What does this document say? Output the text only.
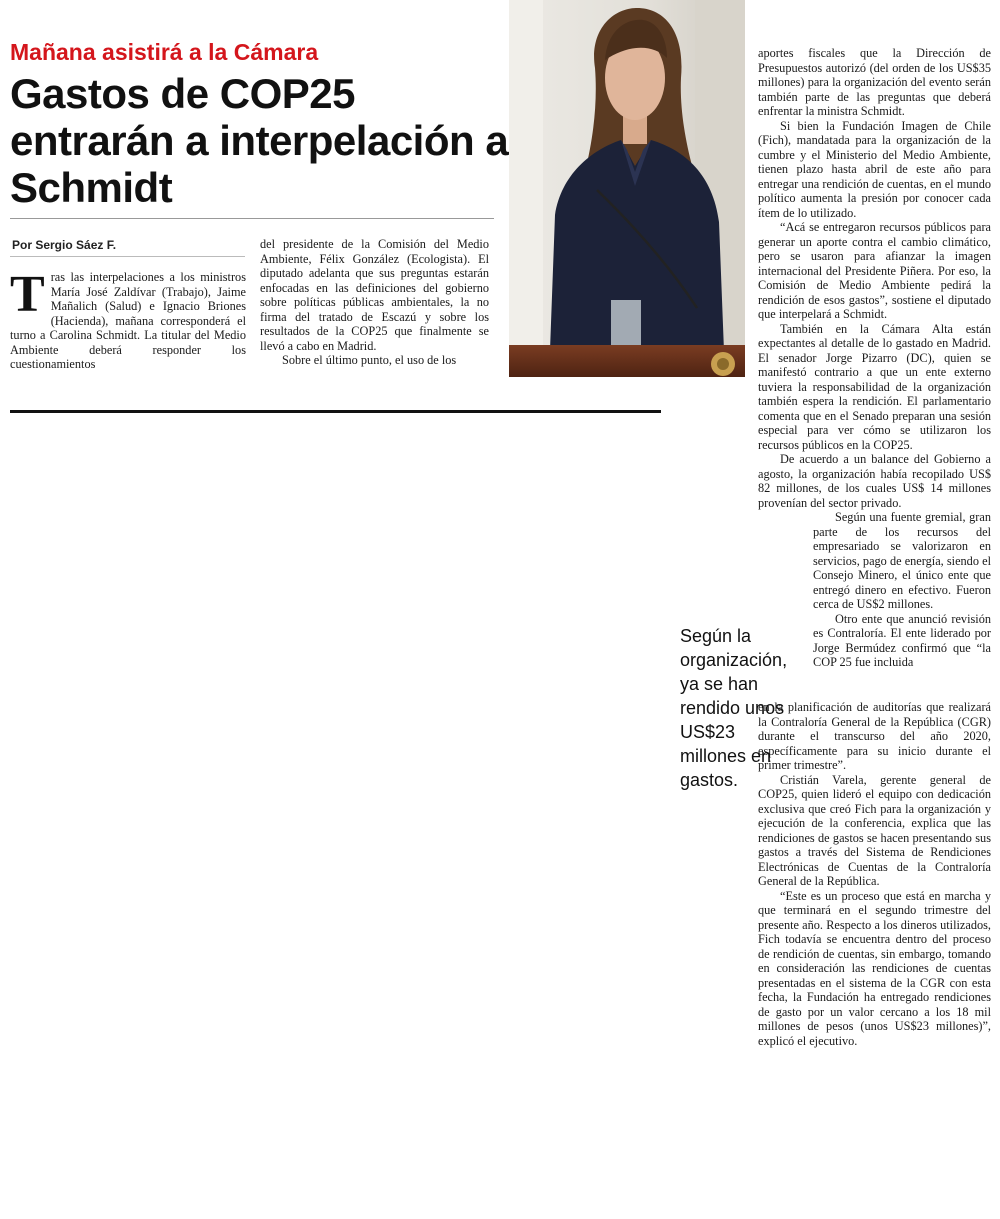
Mañana asistirá a la Cámara
Gastos de COP25 entrarán a interpelación a Schmidt
Por Sergio Sáez F.

Tras las interpelaciones a los ministros María José Zaldívar (Trabajo), Jaime Mañalich (Salud) e Ignacio Briones (Hacienda), mañana corresponderá el turno a Carolina Schmidt. La titular del Medio Ambiente deberá responder los cuestionamientos

del presidente de la Comisión del Medio Ambiente, Félix González (Ecologista). El diputado adelanta que sus preguntas estarán enfocadas en las definiciones del gobierno sobre políticas públicas ambientales, la no firma del tratado de Escazú y sobre los resultados de la COP25 que finalmente se llevó a cabo en Madrid.

Sobre el último punto, el uso de los

aportes fiscales que la Dirección de Presupuestos autorizó (del orden de los US$35 millones) para la organización del evento serán también parte de las preguntas que deberá enfrentar la ministra Schmidt.

Si bien la Fundación Imagen de Chile (Fich), mandatada para la organización de la cumbre y el Ministerio del Medio Ambiente, tienen plazo hasta abril de este año para entregar una rendición de cuentas, en el mundo político aumenta la presión por conocer cada ítem de lo utilizado.

“Acá se entregaron recursos públicos para generar un aporte contra el cambio climático, pero se usaron para afianzar la imagen internacional del Presidente Piñera. Por eso, la Comisión de Medio Ambiente pedirá la rendición de esos gastos”, sostiene el diputado que interpelará a Schmidt.

También en la Cámara Alta están expectantes al detalle de lo gastado en Madrid. El senador Jorge Pizarro (DC), quien se manifestó contrario a que un ente externo tuviera la responsabilidad de la organización también espera la rendición. El parlamentario comenta que en el Senado preparan una sesión especial para ver cómo se utilizaron los recursos públicos en la COP25.

De acuerdo a un balance del Gobierno a agosto, la organización había recopilado US$ 82 millones, de los cuales US$ 14 millones provenían del sector privado.

Según una fuente gremial, gran parte de los recursos del empresariado se valorizaron en servicios, pago de energía, siendo el Consejo Minero, el único ente que entregó dinero en efectivo. Fueron cerca de US$2 millones.

Otro ente que anunció revisión es Contraloría. El ente liderado por Jorge Bermúdez confirmó que “la COP 25 fue incluida

en la planificación de auditorías que realizará la Contraloría General de la República (CGR) durante el transcurso del año 2020, específicamente para su inicio durante el primer trimestre”.

Cristián Varela, gerente general de COP25, quien lideró el equipo con dedicación exclusiva que creó Fich para la organización y ejecución de la conferencia, explica que las rendiciones de gastos se hacen presentando sus gastos a través del Sistema de Rendiciones Electrónicas de Cuentas de la Contraloría General de la República.

“Este es un proceso que está en marcha y que terminará en el segundo trimestre del presente año. Respecto a los dineros utilizados, Fich todavía se encuentra dentro del proceso de rendición de cuentas, sin embargo, tomando en consideración las rendiciones de cuentas presentadas en el sistema de la CGR con esta fecha, la Fundación ha entregado rendiciones de gasto por un valor cercano a los 18 mil millones de pesos (unos US$23 millones)”, explicó el ejecutivo.

Según la organización, ya se han rendido unos US$23 millones en gastos.
